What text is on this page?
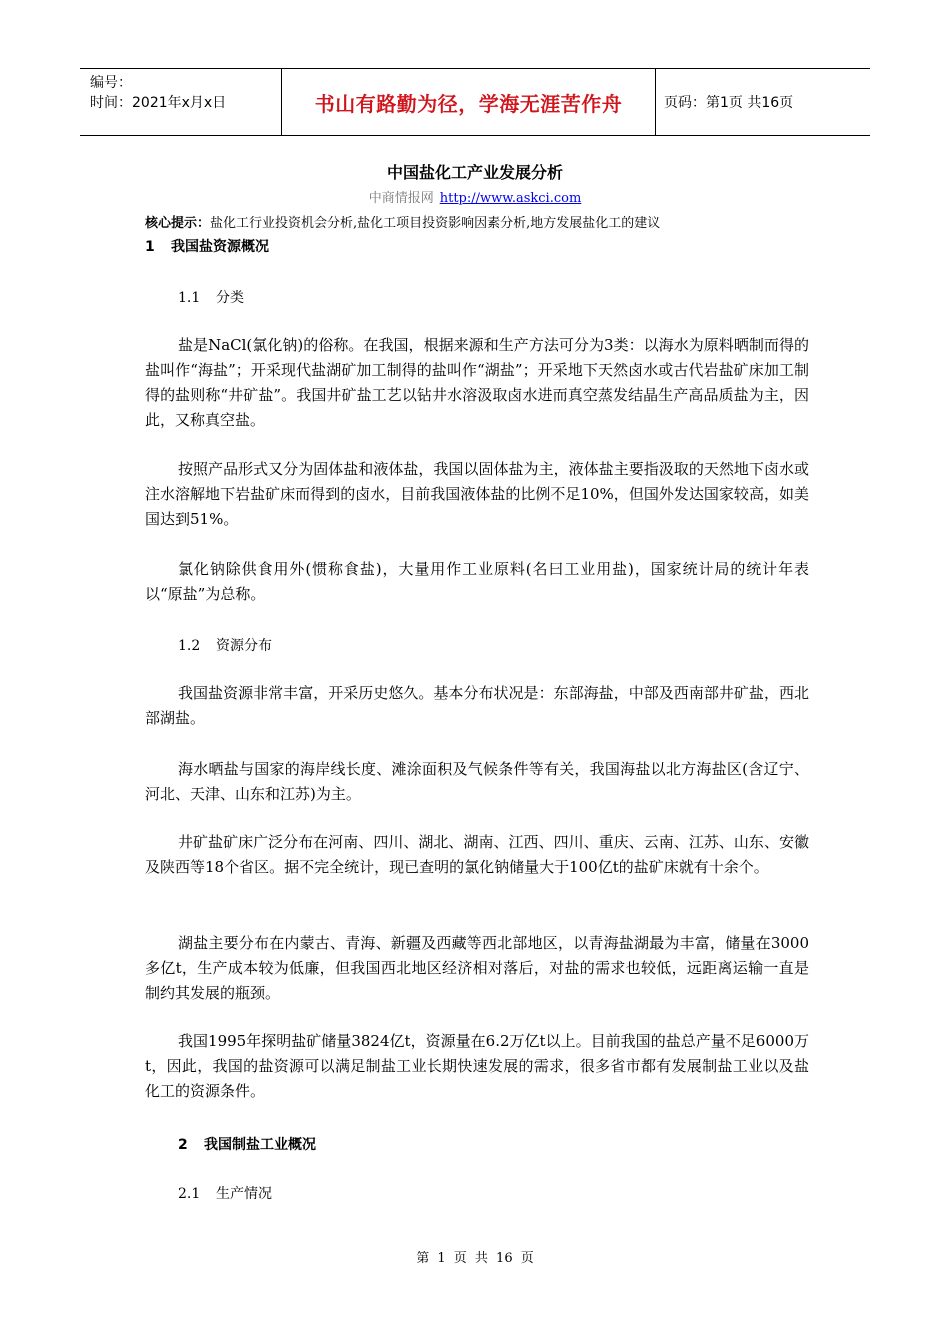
编号：
时间：2021年x月x日	书山有路勤为径，学海无涯苦作舟	页码：第1页 共16页
中国盐化工产业发展分析
中商情报网 http://www.askci.com
核心提示：盐化工行业投资机会分析,盐化工项目投资影响因素分析,地方发展盐化工的建议
1 我国盐资源概况
1.1 分类

盐是NaCl(氯化钠)的俗称。在我国，根据来源和生产方法可分为3类：以海水为原料晒制而得的盐叫作“海盐”；开采现代盐湖矿加工制得的盐叫作“湖盐”；开采地下天然卤水或古代岩盐矿床加工制得的盐则称“井矿盐”。我国井矿盐工艺以钻井水溶汲取卤水进而真空蒸发结晶生产高品质盐为主，因此，又称真空盐。

按照产品形式又分为固体盐和液体盐，我国以固体盐为主，液体盐主要指汲取的天然地下卤水或注水溶解地下岩盐矿床而得到的卤水，目前我国液体盐的比例不足10%，但国外发达国家较高，如美国达到51%。

氯化钠除供食用外(惯称食盐)，大量用作工业原料(名曰工业用盐)，国家统计局的统计年表以“原盐”为总称。

1.2 资源分布

我国盐资源非常丰富，开采历史悠久。基本分布状况是：东部海盐，中部及西南部井矿盐，西北部湖盐。

海水晒盐与国家的海岸线长度、滩涂面积及气候条件等有关，我国海盐以北方海盐区(含辽宁、河北、天津、山东和江苏)为主。

井矿盐矿床广泛分布在河南、四川、湖北、湖南、江西、四川、重庆、云南、江苏、山东、安徽及陕西等18个省区。据不完全统计，现已查明的氯化钠储量大于100亿t的盐矿床就有十余个。

湖盐主要分布在内蒙古、青海、新疆及西藏等西北部地区，以青海盐湖最为丰富，储量在3000多亿t，生产成本较为低廉，但我国西北地区经济相对落后，对盐的需求也较低，远距离运输一直是制约其发展的瓶颈。

我国1995年探明盐矿储量3824亿t，资源量在6.2万亿t以上。目前我国的盐总产量不足6000万t，因此，我国的盐资源可以满足制盐工业长期快速发展的需求，很多省市都有发展制盐工业以及盐化工的资源条件。

2 我国制盐工业概况
2.1 生产情况
第 1 页 共 16 页
